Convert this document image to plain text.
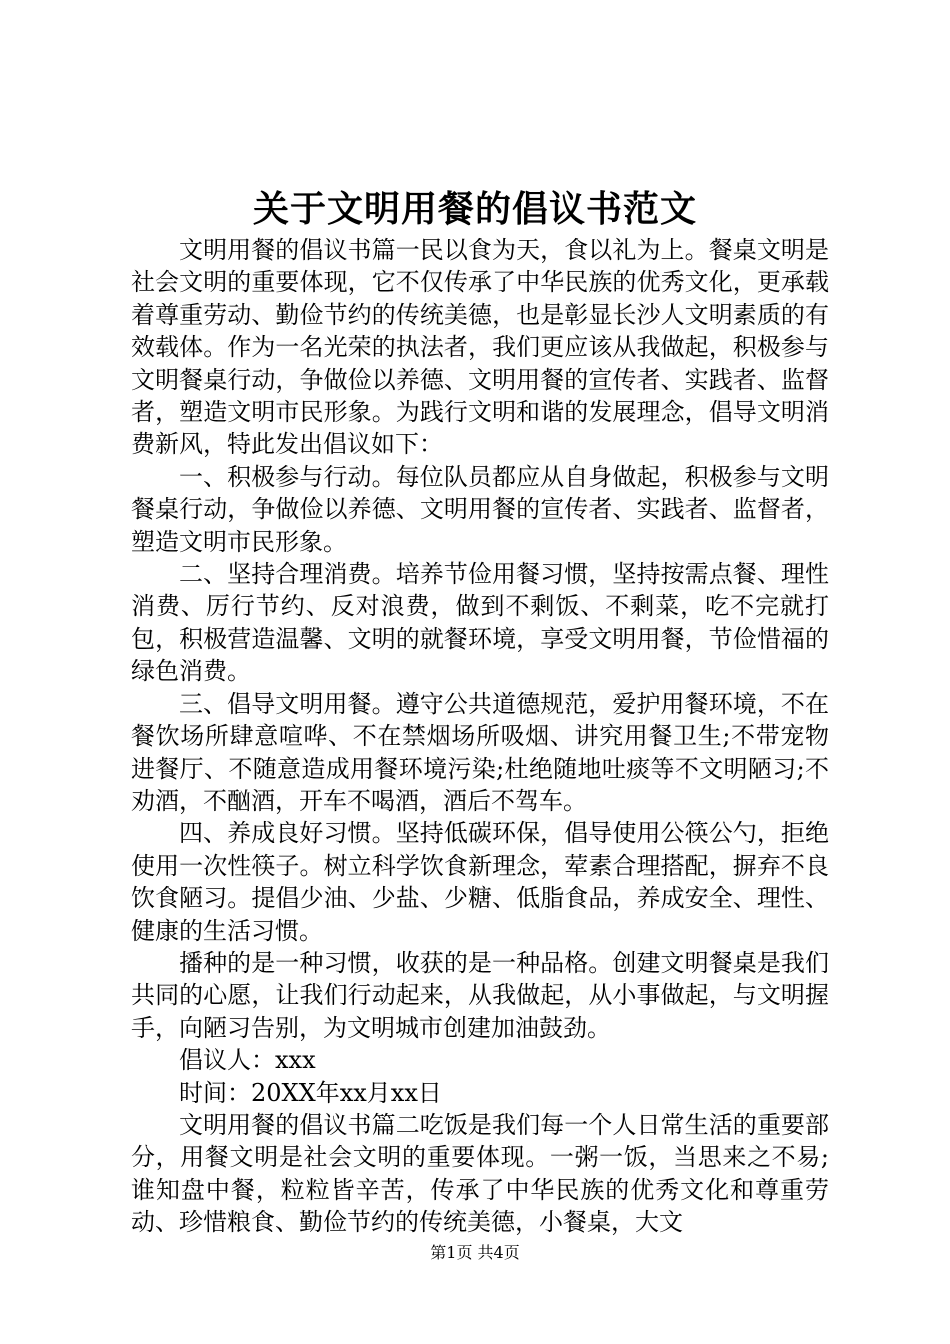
关于文明用餐的倡议书范文

文明用餐的倡议书篇一民以食为天，食以礼为上。餐桌文明是社会文明的重要体现，它不仅传承了中华民族的优秀文化，更承载着尊重劳动、勤俭节约的传统美德，也是彰显长沙人文明素质的有效载体。作为一名光荣的执法者，我们更应该从我做起，积极参与文明餐桌行动，争做俭以养德、文明用餐的宣传者、实践者、监督者，塑造文明市民形象。为践行文明和谐的发展理念，倡导文明消费新风，特此发出倡议如下：

一、积极参与行动。每位队员都应从自身做起，积极参与文明餐桌行动，争做俭以养德、文明用餐的宣传者、实践者、监督者，塑造文明市民形象。

二、坚持合理消费。培养节俭用餐习惯，坚持按需点餐、理性消费、厉行节约、反对浪费，做到不剩饭、不剩菜，吃不完就打包，积极营造温馨、文明的就餐环境，享受文明用餐，节俭惜福的绿色消费。

三、倡导文明用餐。遵守公共道德规范，爱护用餐环境，不在餐饮场所肆意喧哗、不在禁烟场所吸烟、讲究用餐卫生;不带宠物进餐厅、不随意造成用餐环境污染;杜绝随地吐痰等不文明陋习;不劝酒，不酗酒，开车不喝酒，酒后不驾车。

四、养成良好习惯。坚持低碳环保，倡导使用公筷公勺，拒绝使用一次性筷子。树立科学饮食新理念，荤素合理搭配，摒弃不良饮食陋习。提倡少油、少盐、少糖、低脂食品，养成安全、理性、健康的生活习惯。

播种的是一种习惯，收获的是一种品格。创建文明餐桌是我们共同的心愿，让我们行动起来，从我做起，从小事做起，与文明握手，向陋习告别，为文明城市创建加油鼓劲。

倡议人：xxx

时间：20XX年xx月xx日

文明用餐的倡议书篇二吃饭是我们每一个人日常生活的重要部分，用餐文明是社会文明的重要体现。一粥一饭，当思来之不易;谁知盘中餐，粒粒皆辛苦，传承了中华民族的优秀文化和尊重劳动、珍惜粮食、勤俭节约的传统美德，小餐桌，大文

第1页 共4页
